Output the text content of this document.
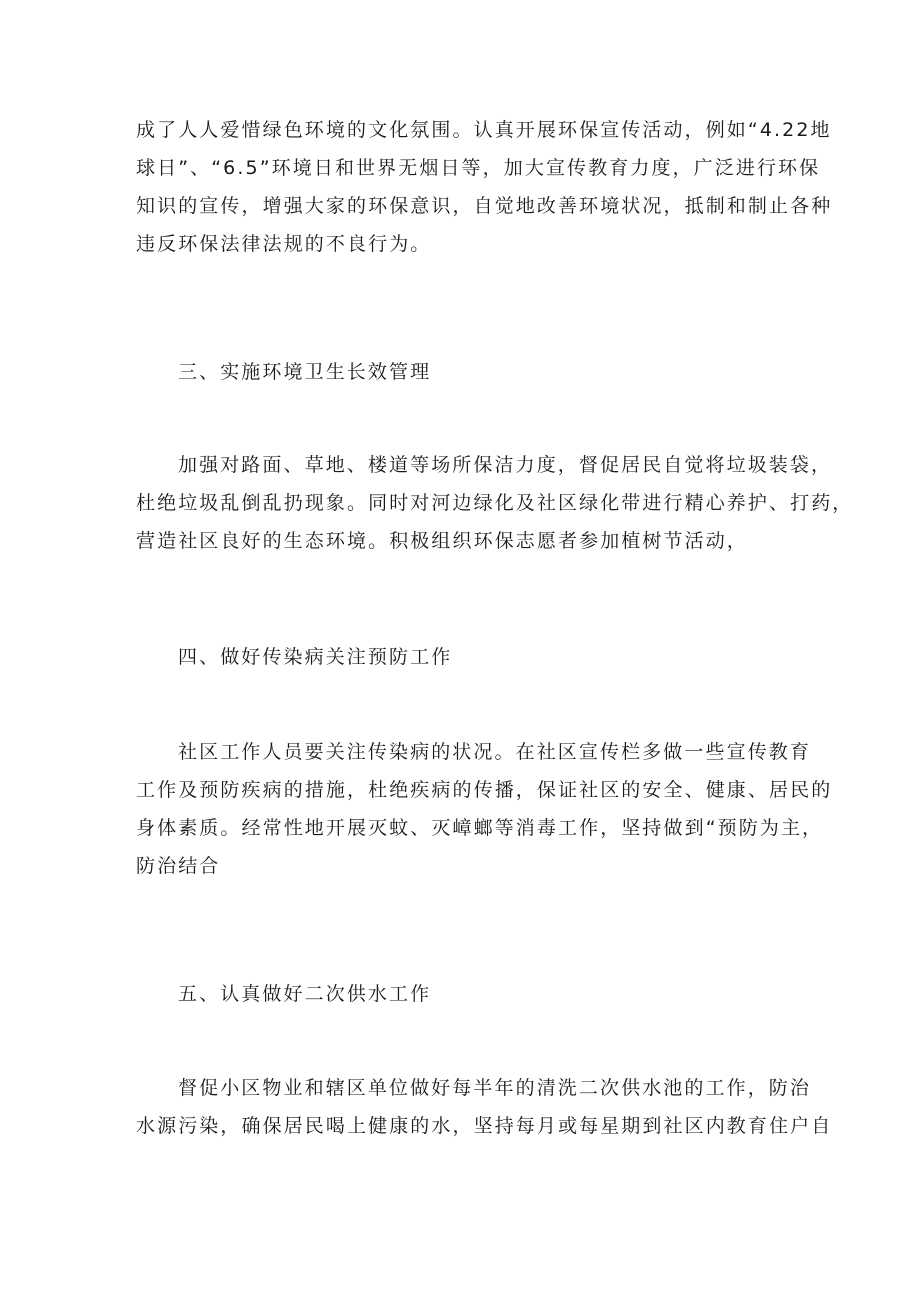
成了人人爱惜绿色环境的文化氛围。认真开展环保宣传活动，例如“4.22地
球日”、“6.5”环境日和世界无烟日等，加大宣传教育力度，广泛进行环保
知识的宣传，增强大家的环保意识，自觉地改善环境状况，抵制和制止各种
违反环保法律法规的不良行为。
三、实施环境卫生长效管理
加强对路面、草地、楼道等场所保洁力度，督促居民自觉将垃圾装袋，
杜绝垃圾乱倒乱扔现象。同时对河边绿化及社区绿化带进行精心养护、打药，
营造社区良好的生态环境。积极组织环保志愿者参加植树节活动，
四、做好传染病关注预防工作
社区工作人员要关注传染病的状况。在社区宣传栏多做一些宣传教育
工作及预防疾病的措施，杜绝疾病的传播，保证社区的安全、健康、居民的
身体素质。经常性地开展灭蚊、灭嶂螂等消毒工作，坚持做到“预防为主，
防治结合
五、认真做好二次供水工作
督促小区物业和辖区单位做好每半年的清洗二次供水池的工作，防治
水源污染，确保居民喝上健康的水，坚持每月或每星期到社区内教育住户自
